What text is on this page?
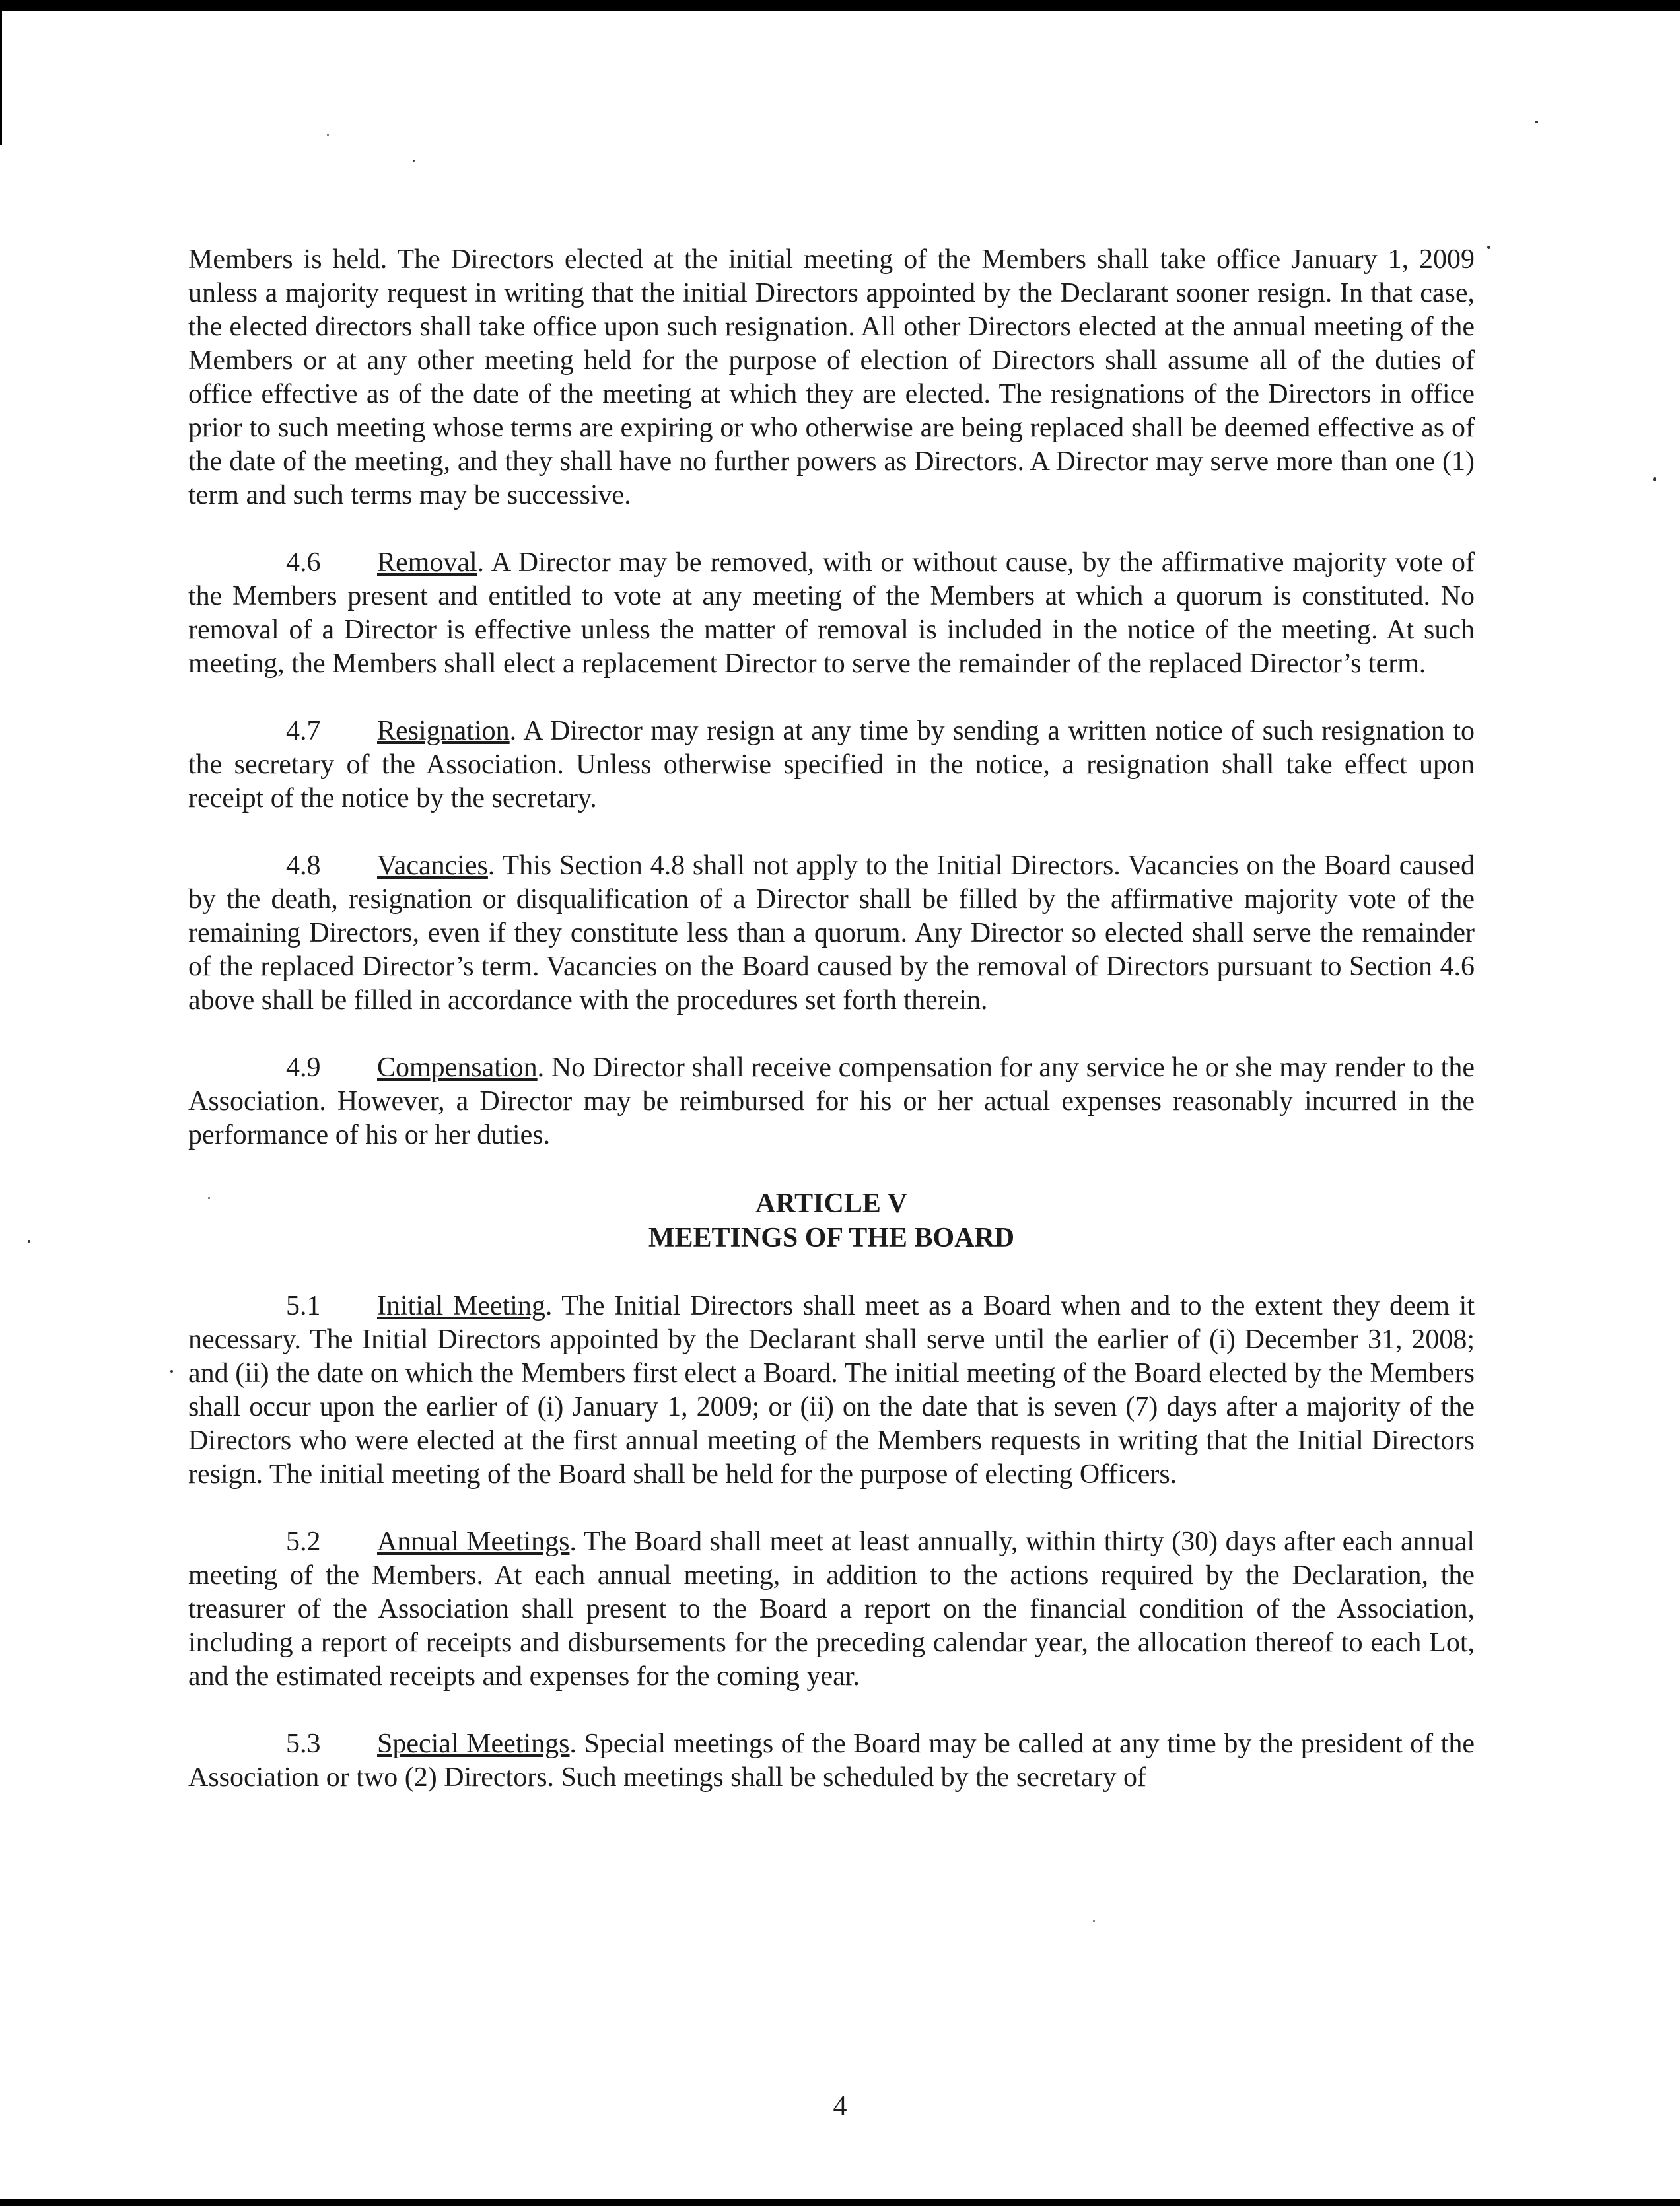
Members is held. The Directors elected at the initial meeting of the Members shall take office January 1, 2009 unless a majority request in writing that the initial Directors appointed by the Declarant sooner resign. In that case, the elected directors shall take office upon such resignation. All other Directors elected at the annual meeting of the Members or at any other meeting held for the purpose of election of Directors shall assume all of the duties of office effective as of the date of the meeting at which they are elected. The resignations of the Directors in office prior to such meeting whose terms are expiring or who otherwise are being replaced shall be deemed effective as of the date of the meeting, and they shall have no further powers as Directors. A Director may serve more than one (1) term and such terms may be successive.

4.6 Removal. A Director may be removed, with or without cause, by the affirmative majority vote of the Members present and entitled to vote at any meeting of the Members at which a quorum is constituted. No removal of a Director is effective unless the matter of removal is included in the notice of the meeting. At such meeting, the Members shall elect a replacement Director to serve the remainder of the replaced Director’s term.

4.7 Resignation. A Director may resign at any time by sending a written notice of such resignation to the secretary of the Association. Unless otherwise specified in the notice, a resignation shall take effect upon receipt of the notice by the secretary.

4.8 Vacancies. This Section 4.8 shall not apply to the Initial Directors. Vacancies on the Board caused by the death, resignation or disqualification of a Director shall be filled by the affirmative majority vote of the remaining Directors, even if they constitute less than a quorum. Any Director so elected shall serve the remainder of the replaced Director’s term. Vacancies on the Board caused by the removal of Directors pursuant to Section 4.6 above shall be filled in accordance with the procedures set forth therein.

4.9 Compensation. No Director shall receive compensation for any service he or she may render to the Association. However, a Director may be reimbursed for his or her actual expenses reasonably incurred in the performance of his or her duties.

ARTICLE V
MEETINGS OF THE BOARD

5.1 Initial Meeting. The Initial Directors shall meet as a Board when and to the extent they deem it necessary. The Initial Directors appointed by the Declarant shall serve until the earlier of (i) December 31, 2008; and (ii) the date on which the Members first elect a Board. The initial meeting of the Board elected by the Members shall occur upon the earlier of (i) January 1, 2009; or (ii) on the date that is seven (7) days after a majority of the Directors who were elected at the first annual meeting of the Members requests in writing that the Initial Directors resign. The initial meeting of the Board shall be held for the purpose of electing Officers.

5.2 Annual Meetings. The Board shall meet at least annually, within thirty (30) days after each annual meeting of the Members. At each annual meeting, in addition to the actions required by the Declaration, the treasurer of the Association shall present to the Board a report on the financial condition of the Association, including a report of receipts and disbursements for the preceding calendar year, the allocation thereof to each Lot, and the estimated receipts and expenses for the coming year.

5.3 Special Meetings. Special meetings of the Board may be called at any time by the president of the Association or two (2) Directors. Such meetings shall be scheduled by the secretary of

4
